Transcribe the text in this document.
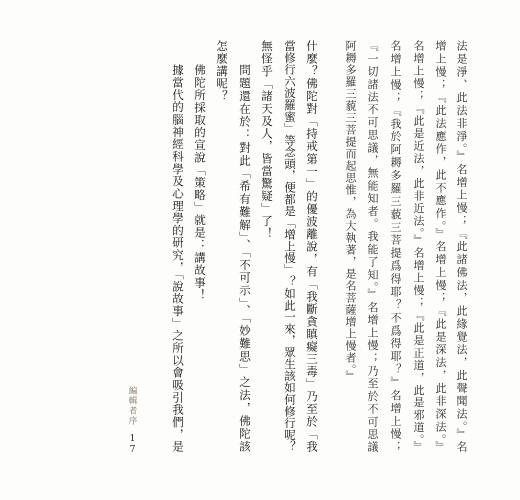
法是淨、此法非淨。』名增上慢；『此諸佛法，此緣覺法，此聲聞法。』名
增上慢；『此法應作，此不應作。』名增上慢；『此是深法，此非深法。』
名增上慢；『此是近法，此非近法。』名增上慢；『此是正道，此是邪道。』
名增上慢；『我於阿耨多羅三藐三菩提爲得耶？不爲得耶？』名增上慢；
『一切諸法不可思議，無能知者。我能了知。』名增上慢；乃至於不可思議
阿耨多羅三藐三菩提而起思惟，為大執著，是名菩薩增上慢者。』
什麼？佛陀對「持戒第一」的優波離說，有「我斷貪瞋癡三毒」乃至於「我
當修行六波羅蜜」等念頭，便都是「增上慢」？如此一來，眾生該如何修行呢？
無怪乎「諸天及人，皆當驚疑」了！
問題還在於：對此「希有難解」、「不可示」、「妙難思」之法，佛陀該
怎麼講呢？
佛陀所採取的宣說「策略」就是：講故事！
據當代的腦神經科學及心理學的研究，「說故事」之所以會吸引我們，是
編輯者序
17
